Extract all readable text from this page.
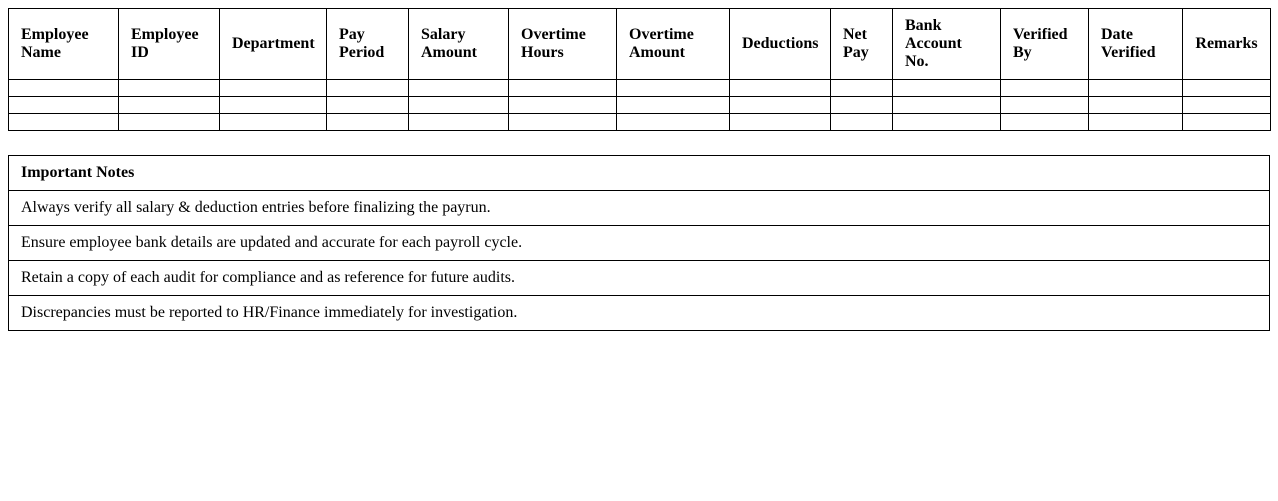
Employee Name	Employee ID	Department	Pay Period	Salary Amount	Overtime Hours	Overtime Amount	Deductions	Net Pay	Bank Account No.	Verified By	Date Verified	Remarks

Important Notes
Always verify all salary & deduction entries before finalizing the payrun.
Ensure employee bank details are updated and accurate for each payroll cycle.
Retain a copy of each audit for compliance and as reference for future audits.
Discrepancies must be reported to HR/Finance immediately for investigation.
